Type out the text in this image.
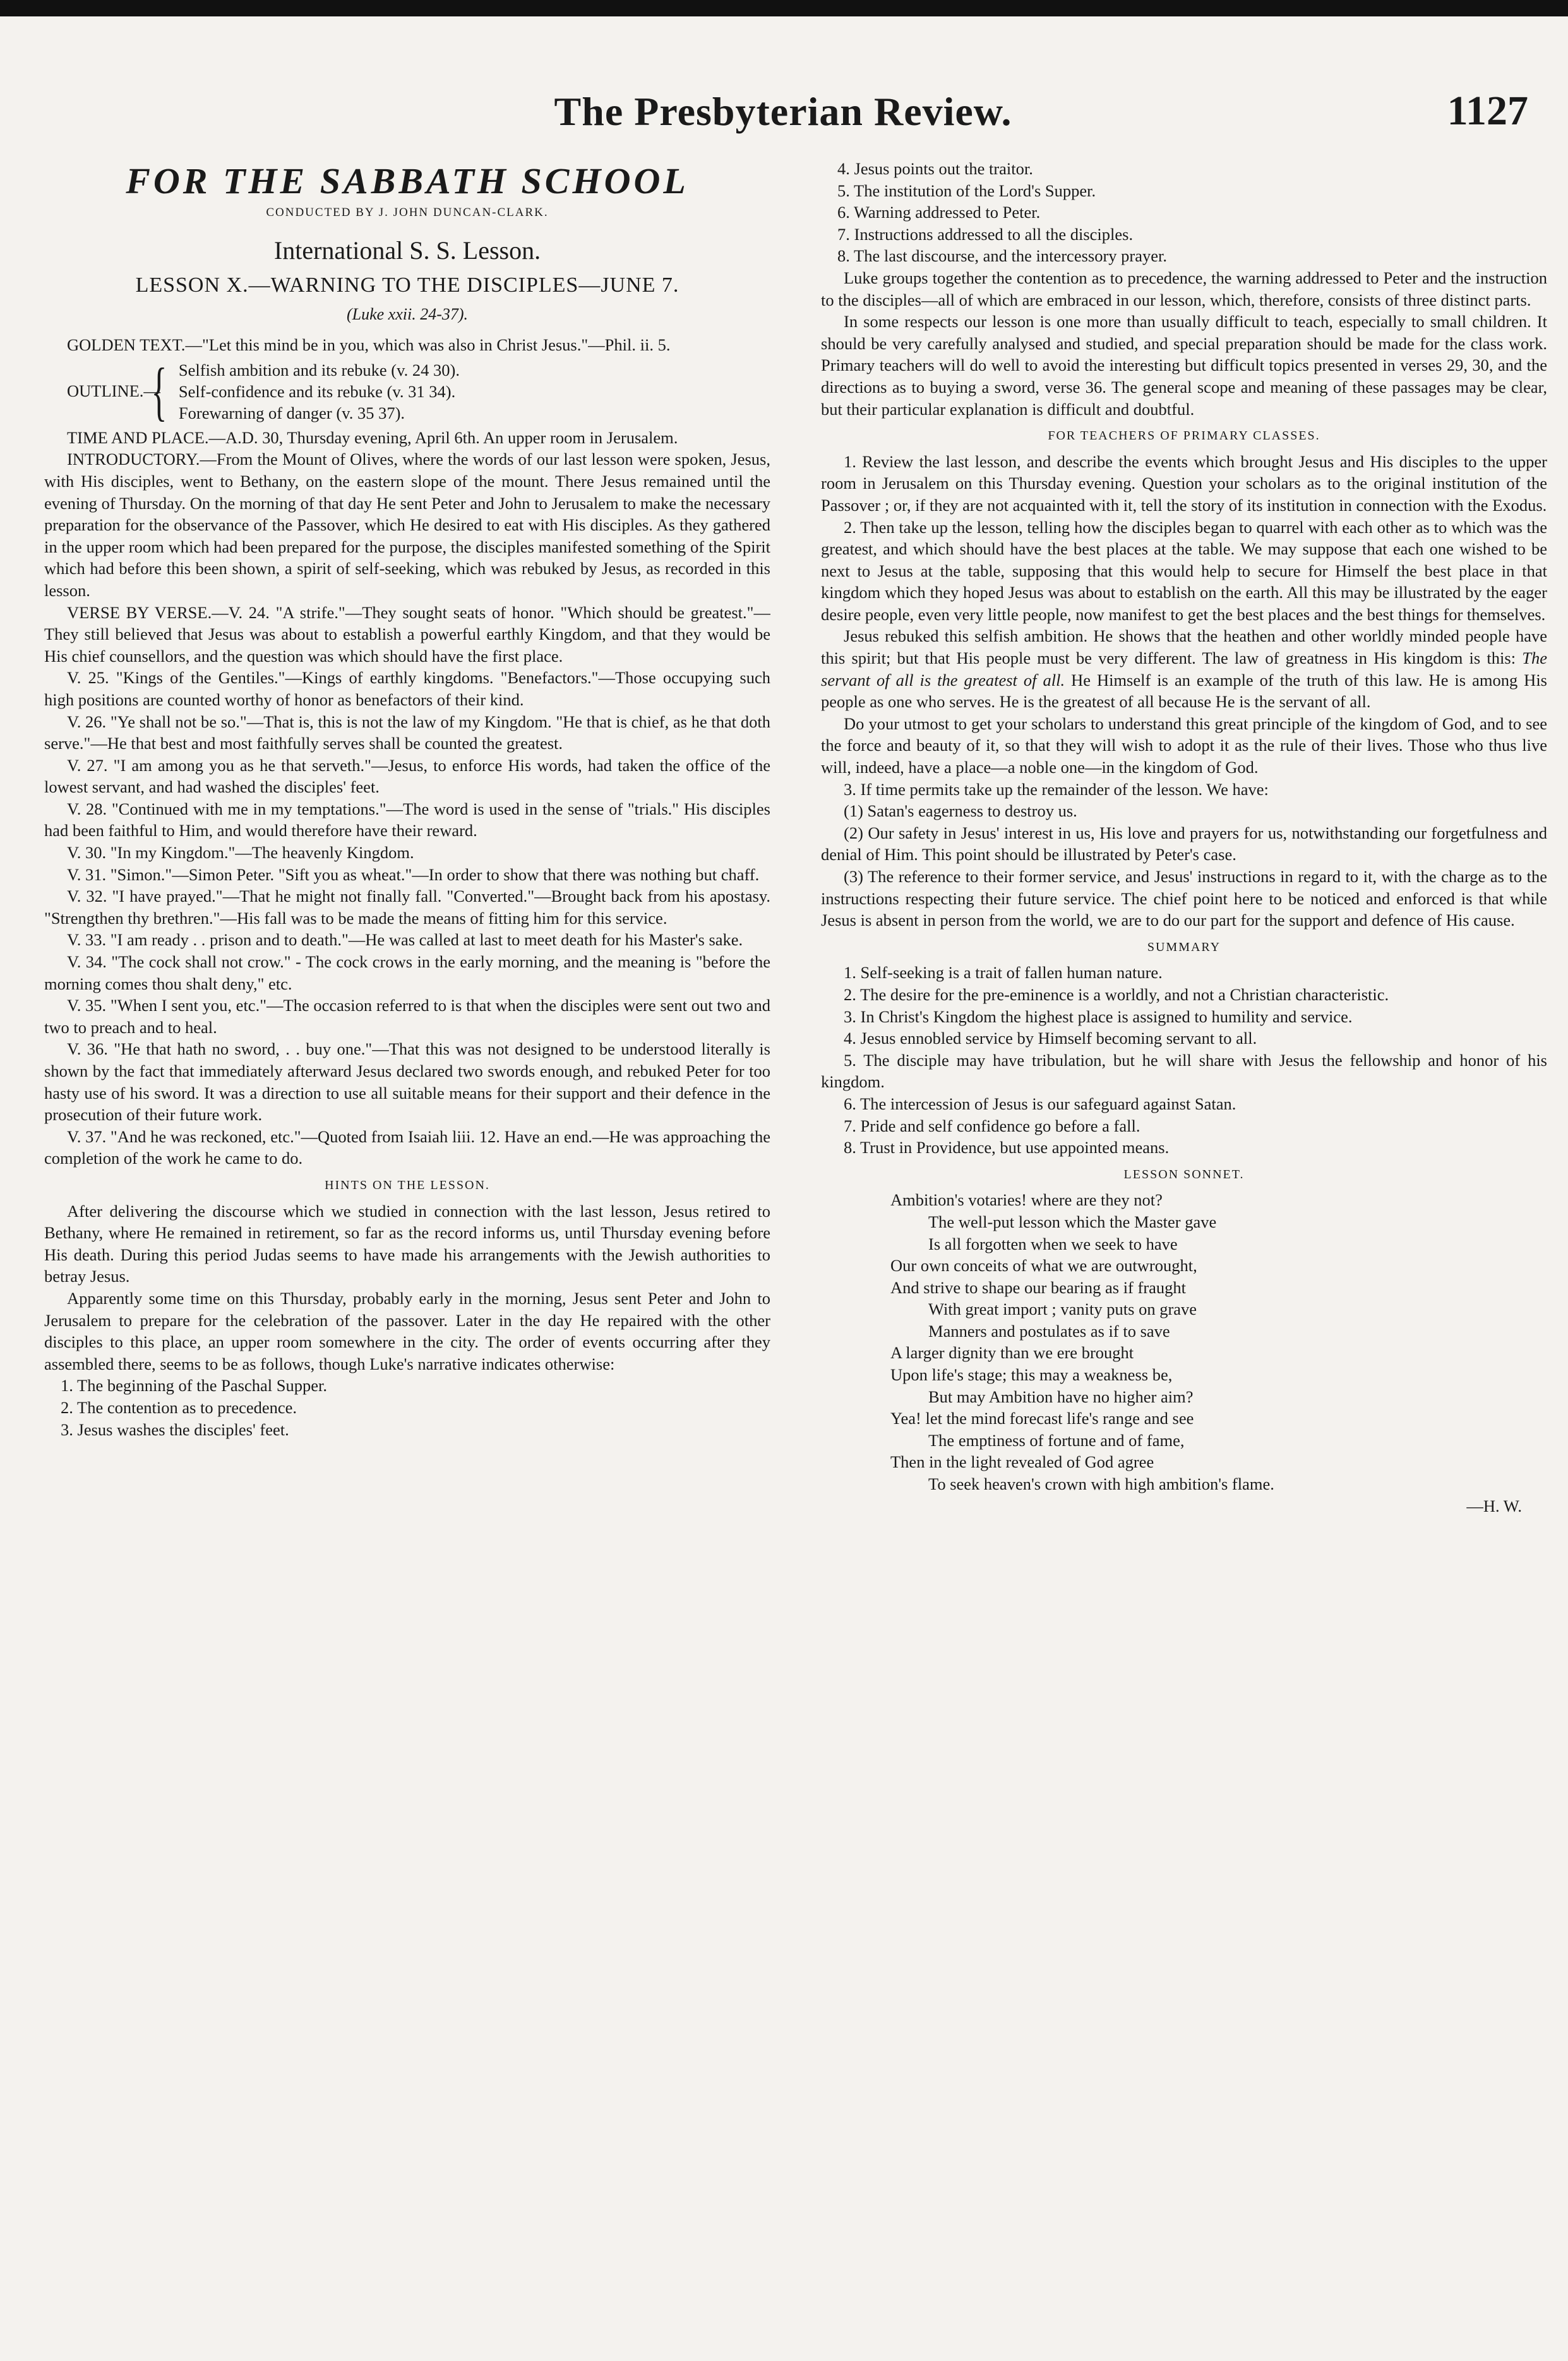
The Presbyterian Review.	1127
FOR THE SABBATH SCHOOL
CONDUCTED BY J. JOHN DUNCAN-CLARK.
International S. S. Lesson.
LESSON X.—WARNING TO THE DISCIPLES—JUNE 7.
(Luke xxii. 24-37).

GOLDEN TEXT.—"Let this mind be in you, which was also in Christ Jesus."—Phil. ii. 5.

OUTLINE.—
{ Selfish ambition and its rebuke (v. 24 30).
Self-confidence and its rebuke (v. 31 34).
Forewarning of danger (v. 35 37).

TIME AND PLACE.—A.D. 30, Thursday evening, April 6th. An upper room in Jerusalem.

INTRODUCTORY.—From the Mount of Olives, where the words of our last lesson were spoken, Jesus, with His disciples, went to Bethany, on the eastern slope of the mount. There Jesus remained until the evening of Thursday. On the morning of that day He sent Peter and John to Jerusalem to make the necessary preparation for the observance of the Passover, which He desired to eat with His disciples. As they gathered in the upper room which had been prepared for the purpose, the disciples manifested something of the Spirit which had before this been shown, a spirit of self-seeking, which was rebuked by Jesus, as recorded in this lesson.

VERSE BY VERSE.—V. 24. "A strife."—They sought seats of honor. "Which should be greatest."—They still believed that Jesus was about to establish a powerful earthly Kingdom, and that they would be His chief counsellors, and the question was which should have the first place.

V. 25. "Kings of the Gentiles."—Kings of earthly kingdoms. "Benefactors."—Those occupying such high positions are counted worthy of honor as benefactors of their kind.

V. 26. "Ye shall not be so."—That is, this is not the law of my Kingdom. "He that is chief, as he that doth serve."—He that best and most faithfully serves shall be counted the greatest.

V. 27. "I am among you as he that serveth."—Jesus, to enforce His words, had taken the office of the lowest servant, and had washed the disciples' feet.

V. 28. "Continued with me in my temptations."—The word is used in the sense of "trials." His disciples had been faithful to Him, and would therefore have their reward.

V. 30. "In my Kingdom."—The heavenly Kingdom.

V. 31. "Simon."—Simon Peter. "Sift you as wheat."—In order to show that there was nothing but chaff.

V. 32. "I have prayed."—That he might not finally fall. "Converted."—Brought back from his apostasy. "Strengthen thy brethren."—His fall was to be made the means of fitting him for this service.

V. 33. "I am ready . . prison and to death."—He was called at last to meet death for his Master's sake.

V. 34. "The cock shall not crow." - The cock crows in the early morning, and the meaning is "before the morning comes thou shalt deny," etc.

V. 35. "When I sent you, etc."—The occasion referred to is that when the disciples were sent out two and two to preach and to heal.

V. 36. "He that hath no sword, . . buy one."—That this was not designed to be understood literally is shown by the fact that immediately afterward Jesus declared two swords enough, and rebuked Peter for too hasty use of his sword. It was a direction to use all suitable means for their support and their defence in the prosecution of their future work.

V. 37. "And he was reckoned, etc."—Quoted from Isaiah liii. 12. Have an end.—He was approaching the completion of the work he came to do.

HINTS ON THE LESSON.

After delivering the discourse which we studied in connection with the last lesson, Jesus retired to Bethany, where He remained in retirement, so far as the record informs us, until Thursday evening before His death. During this period Judas seems to have made his arrangements with the Jewish authorities to betray Jesus.

Apparently some time on this Thursday, probably early in the morning, Jesus sent Peter and John to Jerusalem to prepare for the celebration of the passover. Later in the day He repaired with the other disciples to this place, an upper room somewhere in the city. The order of events occurring after they assembled there, seems to be as follows, though Luke's narrative indicates otherwise:

1. The beginning of the Paschal Supper.

2. The contention as to precedence.

3. Jesus washes the disciples' feet.

4. Jesus points out the traitor.

5. The institution of the Lord's Supper.

6. Warning addressed to Peter.

7. Instructions addressed to all the disciples.

8. The last discourse, and the intercessory prayer.

Luke groups together the contention as to precedence, the warning addressed to Peter and the instruction to the disciples—all of which are embraced in our lesson, which, therefore, consists of three distinct parts.

In some respects our lesson is one more than usually difficult to teach, especially to small children. It should be very carefully analysed and studied, and special preparation should be made for the class work. Primary teachers will do well to avoid the interesting but difficult topics presented in verses 29, 30, and the directions as to buying a sword, verse 36. The general scope and meaning of these passages may be clear, but their particular explanation is difficult and doubtful.

FOR TEACHERS OF PRIMARY CLASSES.

1. Review the last lesson, and describe the events which brought Jesus and His disciples to the upper room in Jerusalem on this Thursday evening. Question your scholars as to the original institution of the Passover ; or, if they are not acquainted with it, tell the story of its institution in connection with the Exodus.

2. Then take up the lesson, telling how the disciples began to quarrel with each other as to which was the greatest, and which should have the best places at the table. We may suppose that each one wished to be next to Jesus at the table, supposing that this would help to secure for Himself the best place in that kingdom which they hoped Jesus was about to establish on the earth. All this may be illustrated by the eager desire people, even very little people, now manifest to get the best places and the best things for themselves.

Jesus rebuked this selfish ambition. He shows that the heathen and other worldly minded people have this spirit; but that His people must be very different. The law of greatness in His kingdom is this: The servant of all is the greatest of all. He Himself is an example of the truth of this law. He is among His people as one who serves. He is the greatest of all because He is the servant of all.

Do your utmost to get your scholars to understand this great principle of the kingdom of God, and to see the force and beauty of it, so that they will wish to adopt it as the rule of their lives. Those who thus live will, indeed, have a place—a noble one—in the kingdom of God.

3. If time permits take up the remainder of the lesson. We have:

(1) Satan's eagerness to destroy us.

(2) Our safety in Jesus' interest in us, His love and prayers for us, notwithstanding our forgetfulness and denial of Him. This point should be illustrated by Peter's case.

(3) The reference to their former service, and Jesus' instructions in regard to it, with the charge as to the instructions respecting their future service. The chief point here to be noticed and enforced is that while Jesus is absent in person from the world, we are to do our part for the support and defence of His cause.

SUMMARY

1. Self-seeking is a trait of fallen human nature.

2. The desire for the pre-eminence is a worldly, and not a Christian characteristic.

3. In Christ's Kingdom the highest place is assigned to humility and service.

4. Jesus ennobled service by Himself becoming servant to all.

5. The disciple may have tribulation, but he will share with Jesus the fellowship and honor of his kingdom.

6. The intercession of Jesus is our safeguard against Satan.

7. Pride and self confidence go before a fall.

8. Trust in Providence, but use appointed means.

LESSON SONNET.
Ambition's votaries! where are they not?
The well-put lesson which the Master gave
Is all forgotten when we seek to have
Our own conceits of what we are outwrought,
And strive to shape our bearing as if fraught
With great import ; vanity puts on grave
Manners and postulates as if to save
A larger dignity than we ere brought
Upon life's stage; this may a weakness be,
But may Ambition have no higher aim?
Yea! let the mind forecast life's range and see
The emptiness of fortune and of fame,
Then in the light revealed of God agree
To seek heaven's crown with high ambition's flame.
—H. W.
